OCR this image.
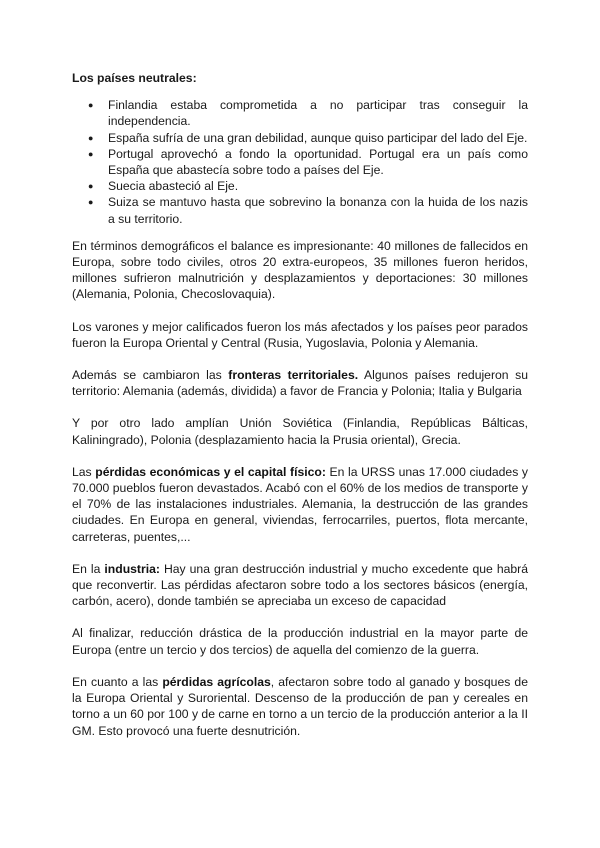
Los países neutrales:
● Finlandia estaba comprometida a no participar tras conseguir la independencia.
● España sufría de una gran debilidad, aunque quiso participar del lado del Eje.
● Portugal aprovechó a fondo la oportunidad. Portugal era un país como España que abastecía sobre todo a países del Eje.
● Suecia abasteció al Eje.
● Suiza se mantuvo hasta que sobrevino la bonanza con la huida de los nazis a su territorio.

En términos demográficos el balance es impresionante: 40 millones de fallecidos en Europa, sobre todo civiles, otros 20 extra-europeos, 35 millones fueron heridos, millones sufrieron malnutrición y desplazamientos y deportaciones: 30 millones (Alemania, Polonia, Checoslovaquia).

Los varones y mejor calificados fueron los más afectados y los países peor parados fueron la Europa Oriental y Central (Rusia, Yugoslavia, Polonia y Alemania.

Además se cambiaron las fronteras territoriales. Algunos países redujeron su territorio: Alemania (además, dividida) a favor de Francia y Polonia; Italia y Bulgaria

Y por otro lado amplían Unión Soviética (Finlandia, Repúblicas Bálticas, Kaliningrado), Polonia (desplazamiento hacia la Prusia oriental), Grecia.

Las pérdidas económicas y el capital físico: En la URSS unas 17.000 ciudades y 70.000 pueblos fueron devastados. Acabó con el 60% de los medios de transporte y el 70% de las instalaciones industriales. Alemania, la destrucción de las grandes ciudades. En Europa en general, viviendas, ferrocarriles, puertos, flota mercante, carreteras, puentes,...

En la industria: Hay una gran destrucción industrial y mucho excedente que habrá que reconvertir. Las pérdidas afectaron sobre todo a los sectores básicos (energía, carbón, acero), donde también se apreciaba un exceso de capacidad

Al finalizar, reducción drástica de la producción industrial en la mayor parte de Europa (entre un tercio y dos tercios) de aquella del comienzo de la guerra.

En cuanto a las pérdidas agrícolas, afectaron sobre todo al ganado y bosques de la Europa Oriental y Suroriental. Descenso de la producción de pan y cereales en torno a un 60 por 100 y de carne en torno a un tercio de la producción anterior a la II GM. Esto provocó una fuerte desnutrición.
